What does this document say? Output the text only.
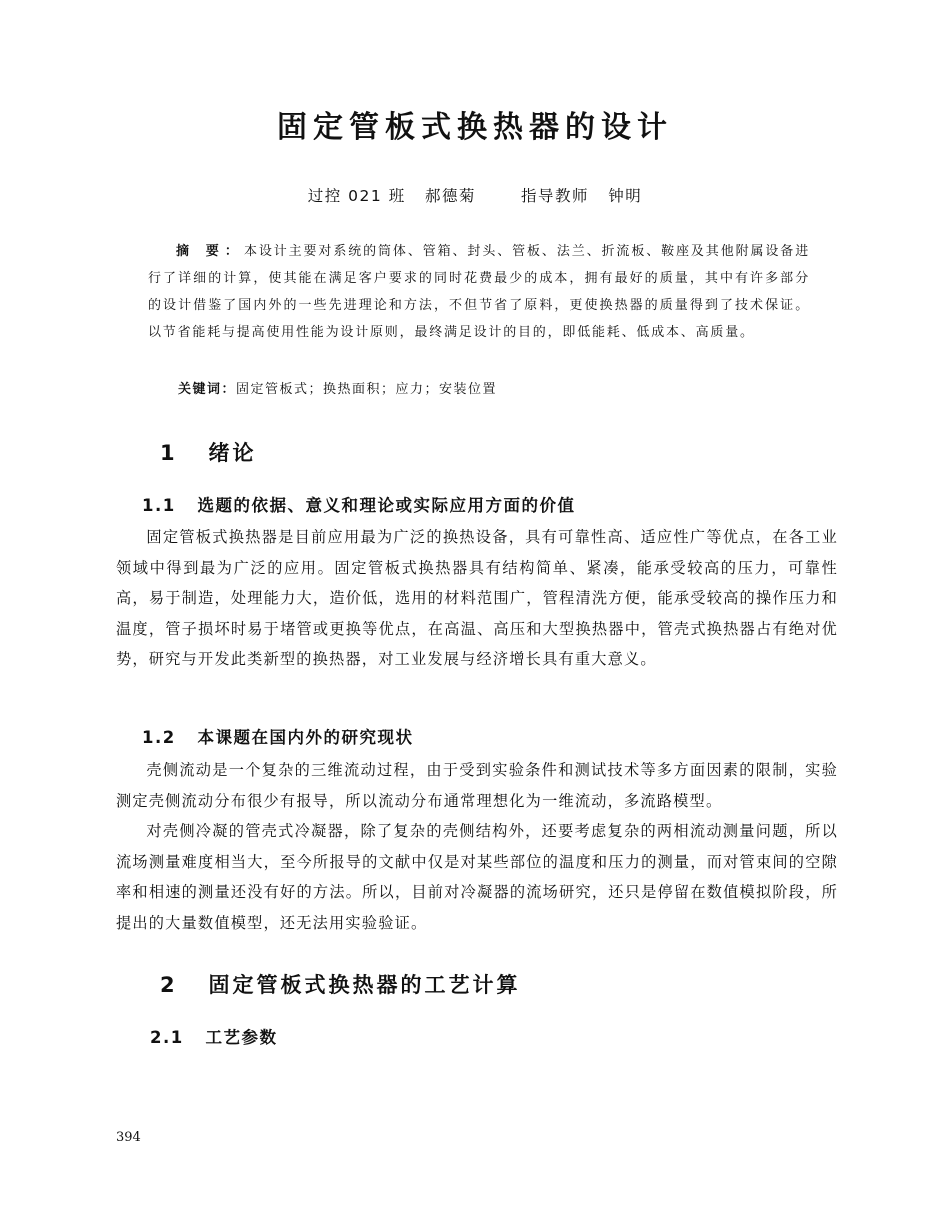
固定管板式换热器的设计
过控 021 班   郝德菊       指导教师   钟明
摘 要：本设计主要对系统的筒体、管箱、封头、管板、法兰、折流板、鞍座及其他附属设备进行了详细的计算，使其能在满足客户要求的同时花费最少的成本，拥有最好的质量，其中有许多部分的设计借鉴了国内外的一些先进理论和方法，不但节省了原料，更使换热器的质量得到了技术保证。以节省能耗与提高使用性能为设计原则，最终满足设计的目的，即低能耗、低成本、高质量。
关键词：固定管板式；换热面积；应力；安装位置
1   绪论
1.1   选题的依据、意义和理论或实际应用方面的价值

固定管板式换热器是目前应用最为广泛的换热设备，具有可靠性高、适应性广等优点，在各工业领域中得到最为广泛的应用。固定管板式换热器具有结构简单、紧凑，能承受较高的压力，可靠性高，易于制造，处理能力大，造价低，选用的材料范围广，管程清洗方便，能承受较高的操作压力和温度，管子损坏时易于堵管或更换等优点，在高温、高压和大型换热器中，管壳式换热器占有绝对优势，研究与开发此类新型的换热器，对工业发展与经济增长具有重大意义。

1.2   本课题在国内外的研究现状

壳侧流动是一个复杂的三维流动过程，由于受到实验条件和测试技术等多方面因素的限制，实验测定壳侧流动分布很少有报导，所以流动分布通常理想化为一维流动，多流路模型。

对壳侧冷凝的管壳式冷凝器，除了复杂的壳侧结构外，还要考虑复杂的两相流动测量问题，所以流场测量难度相当大，至今所报导的文献中仅是对某些部位的温度和压力的测量，而对管束间的空隙率和相速的测量还没有好的方法。所以，目前对冷凝器的流场研究，还只是停留在数值模拟阶段，所提出的大量数值模型，还无法用实验验证。

2   固定管板式换热器的工艺计算
2.1   工艺参数
394
